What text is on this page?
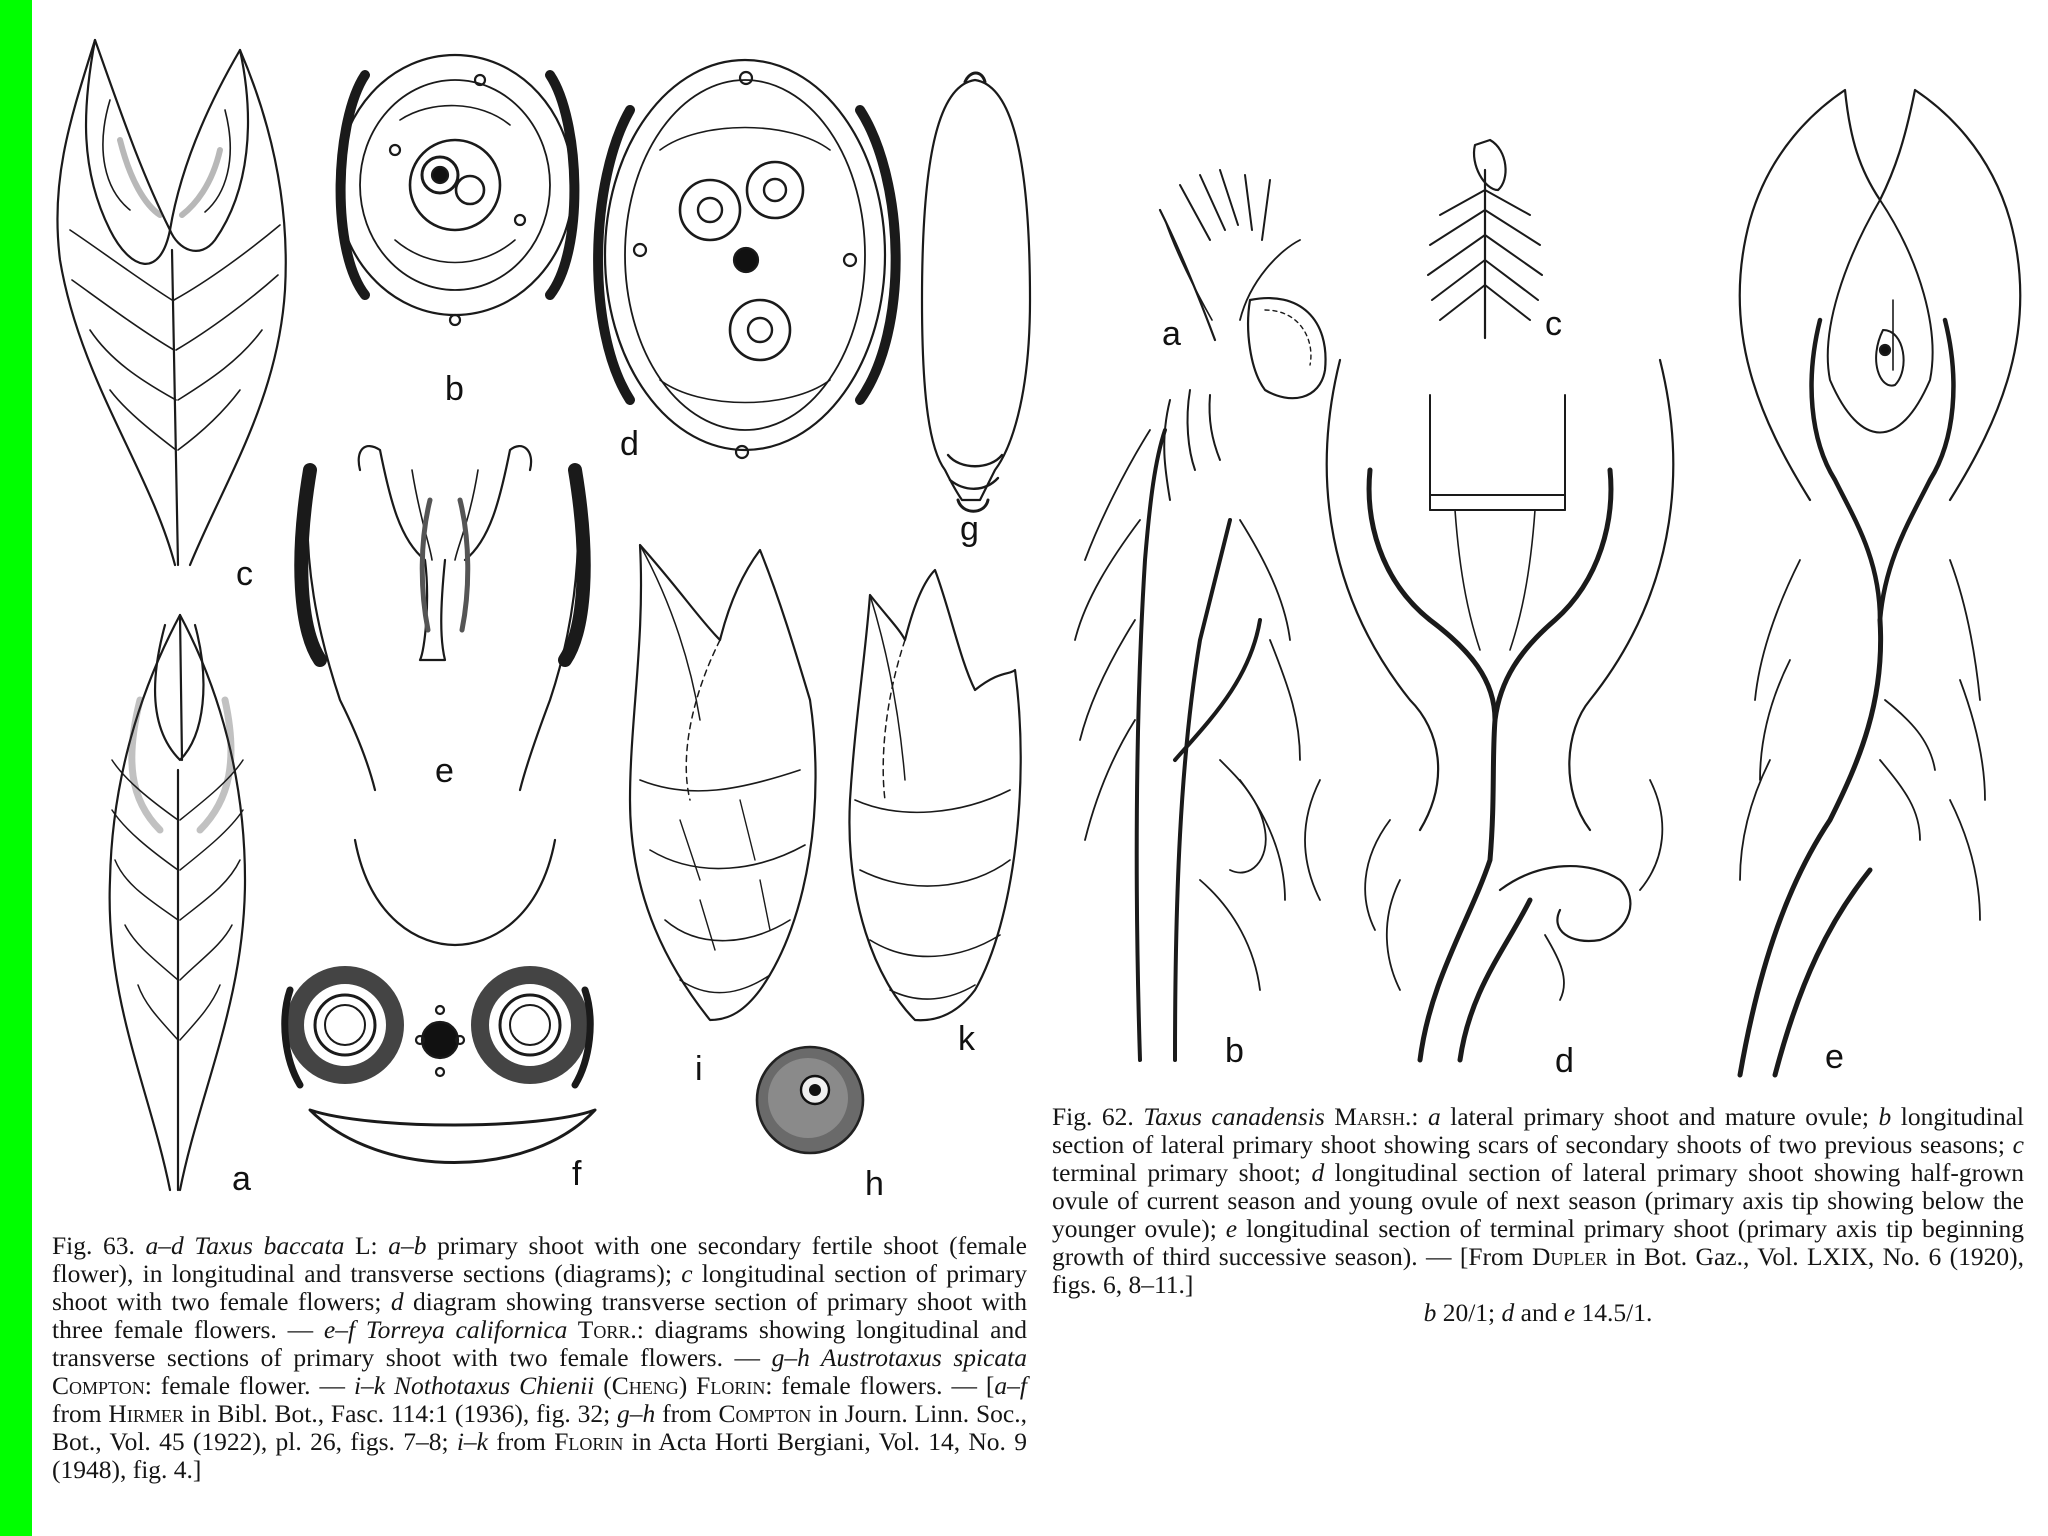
c
a
b
d
g
e
f
i
k
h
a	c
b	d	e
Fig. 63. a–d Taxus baccata L: a–b primary shoot with one secondary fertile shoot (female flower), in longitudinal and transverse sections (diagrams); c longitudinal section of primary shoot with two female flowers; d diagram showing transverse section of primary shoot with three female flowers. — e–f Torreya californica Torr.: diagrams showing longitudinal and transverse sections of primary shoot with two female flowers. — g–h Austrotaxus spicata Compton: female flower. — i–k Nothotaxus Chienii (Cheng) Florin: female flowers. — [a–f from Hirmer in Bibl. Bot., Fasc. 114:1 (1936), fig. 32; g–h from Compton in Journ. Linn. Soc., Bot., Vol. 45 (1922), pl. 26, figs. 7–8; i–k from Florin in Acta Horti Bergiani, Vol. 14, No. 9 (1948), fig. 4.]
Fig. 62. Taxus canadensis Marsh.: a lateral primary shoot and mature ovule; b longitudinal section of lateral primary shoot showing scars of secondary shoots of two previous seasons; c terminal primary shoot; d longitudinal section of lateral primary shoot showing half-grown ovule of current season and young ovule of next season (primary axis tip showing below the younger ovule); e longitudinal section of terminal primary shoot (primary axis tip beginning growth of third successive season). — [From Dupler in Bot. Gaz., Vol. LXIX, No. 6 (1920), figs. 6, 8–11.]
b 20/1; d and e 14.5/1.
